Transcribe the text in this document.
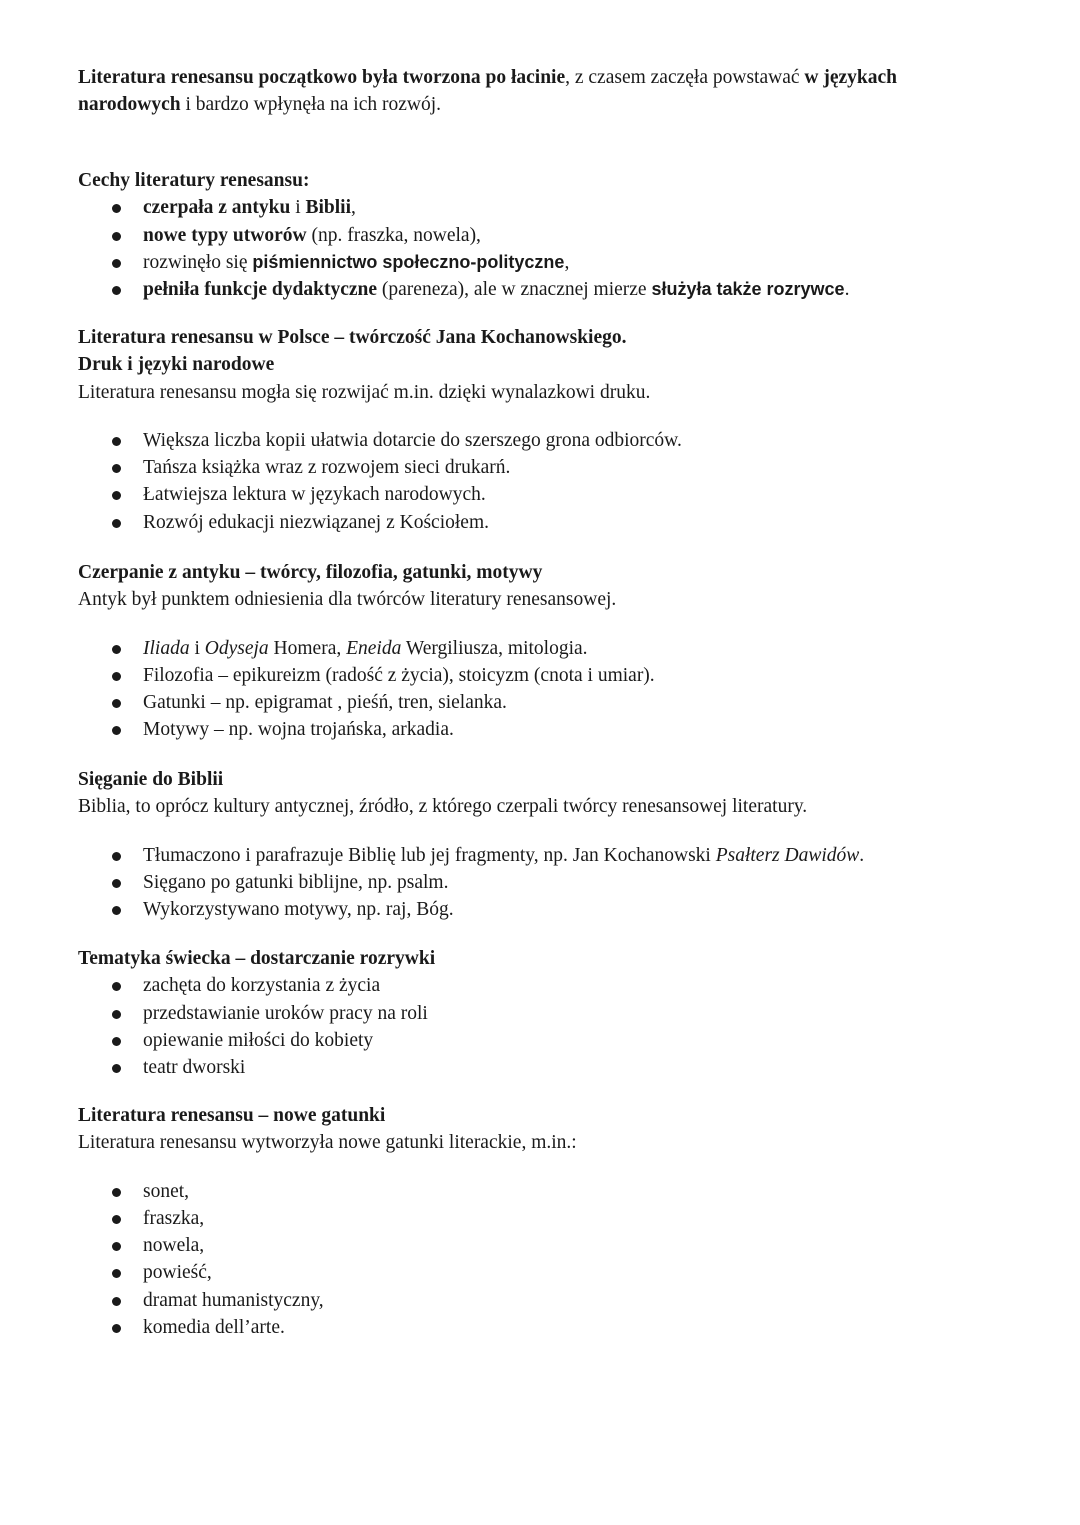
Literatura renesansu początkowo była tworzona po łacinie, z czasem zaczęła powstawać w językach
narodowych i bardzo wpłynęła na ich rozwój.

Cechy literatury renesansu:

czerpała z antyku i Biblii,
nowe typy utworów (np. fraszka, nowela),
rozwinęło się piśmiennictwo społeczno-polityczne,
pełniła funkcje dydaktyczne (pareneza), ale w znacznej mierze służyła także rozrywce.

Literatura renesansu w Polsce – twórczość Jana Kochanowskiego.

Druk i języki narodowe

Literatura renesansu mogła się rozwijać m.in. dzięki wynalazkowi druku.

Większa liczba kopii ułatwia dotarcie do szerszego grona odbiorców.
Tańsza książka wraz z rozwojem sieci drukarń.
Łatwiejsza lektura w językach narodowych.
Rozwój edukacji niezwiązanej z Kościołem.

Czerpanie z antyku – twórcy, filozofia, gatunki, motywy

Antyk był punktem odniesienia dla twórców literatury renesansowej.

Iliada i Odyseja Homera, Eneida Wergiliusza, mitologia.
Filozofia – epikureizm (radość z życia), stoicyzm (cnota i umiar).
Gatunki – np. epigramat , pieśń, tren, sielanka.
Motywy – np. wojna trojańska, arkadia.

Sięganie do Biblii

Biblia, to oprócz kultury antycznej, źródło, z którego czerpali twórcy renesansowej literatury.

Tłumaczono i parafrazuje Biblię lub jej fragmenty, np. Jan Kochanowski Psałterz Dawidów.
Sięgano po gatunki biblijne, np. psalm.
Wykorzystywano motywy, np. raj, Bóg.

Tematyka świecka – dostarczanie rozrywki

zachęta do korzystania z życia
przedstawianie uroków pracy na roli
opiewanie miłości do kobiety
teatr dworski

Literatura renesansu – nowe gatunki

Literatura renesansu wytworzyła nowe gatunki literackie, m.in.:

sonet,
fraszka,
nowela,
powieść,
dramat humanistyczny,
komedia dell’arte.
